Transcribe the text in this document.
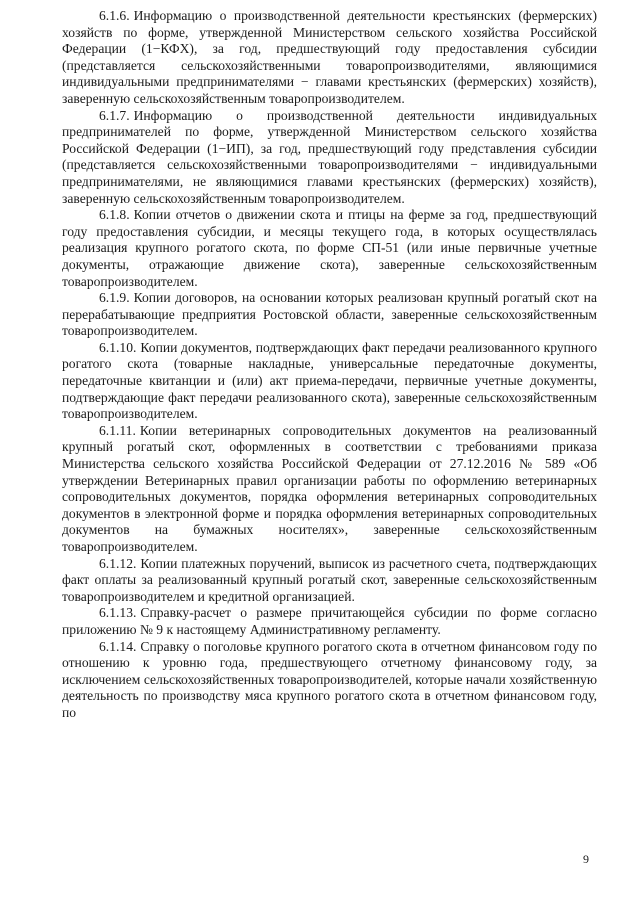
6.1.6. Информацию о производственной деятельности крестьянских (фермерских) хозяйств по форме, утвержденной Министерством сельского хозяйства Российской Федерации (1−КФХ), за год, предшествующий году предоставления субсидии (представляется сельскохозяйственными товаропроизводителями, являющимися индивидуальными предпринимателями − главами крестьянских (фермерских) хозяйств), заверенную сельскохозяйственным товаропроизводителем.

6.1.7. Информацию о производственной деятельности индивидуальных предпринимателей по форме, утвержденной Министерством сельского хозяйства Российской Федерации (1−ИП), за год, предшествующий году представления субсидии (представляется сельскохозяйственными товаропроизводителями − индивидуальными предпринимателями, не являющимися главами крестьянских (фермерских) хозяйств), заверенную сельскохозяйственным товаропроизводителем.

6.1.8. Копии отчетов о движении скота и птицы на ферме за год, предшествующий году предоставления субсидии, и месяцы текущего года, в которых осуществлялась реализация крупного рогатого скота, по форме СП-51 (или иные первичные учетные документы, отражающие движение скота), заверенные сельскохозяйственным товаропроизводителем.

6.1.9. Копии договоров, на основании которых реализован крупный рогатый скот на перерабатывающие предприятия Ростовской области, заверенные сельскохозяйственным товаропроизводителем.

6.1.10. Копии документов, подтверждающих факт передачи реализованного крупного рогатого скота (товарные накладные, универсальные передаточные документы, передаточные квитанции и (или) акт приема-передачи, первичные учетные документы, подтверждающие факт передачи реализованного скота), заверенные сельскохозяйственным товаропроизводителем.

6.1.11. Копии ветеринарных сопроводительных документов на реализованный крупный рогатый скот, оформленных в соответствии с требованиями приказа Министерства сельского хозяйства Российской Федерации от 27.12.2016 № 589 «Об утверждении Ветеринарных правил организации работы по оформлению ветеринарных сопроводительных документов, порядка оформления ветеринарных сопроводительных документов в электронной форме и порядка оформления ветеринарных сопроводительных документов на бумажных носителях», заверенные сельскохозяйственным товаропроизводителем.

6.1.12. Копии платежных поручений, выписок из расчетного счета, подтверждающих факт оплаты за реализованный крупный рогатый скот, заверенные сельскохозяйственным товаропроизводителем и кредитной организацией.

6.1.13. Справку-расчет о размере причитающейся субсидии по форме согласно приложению № 9 к настоящему Административному регламенту.

6.1.14. Справку о поголовье крупного рогатого скота в отчетном финансовом году по отношению к уровню года, предшествующего отчетному финансовому году, за исключением сельскохозяйственных товаропроизводителей, которые начали хозяйственную деятельность по производству мяса крупного рогатого скота в отчетном финансовом году, по

9
